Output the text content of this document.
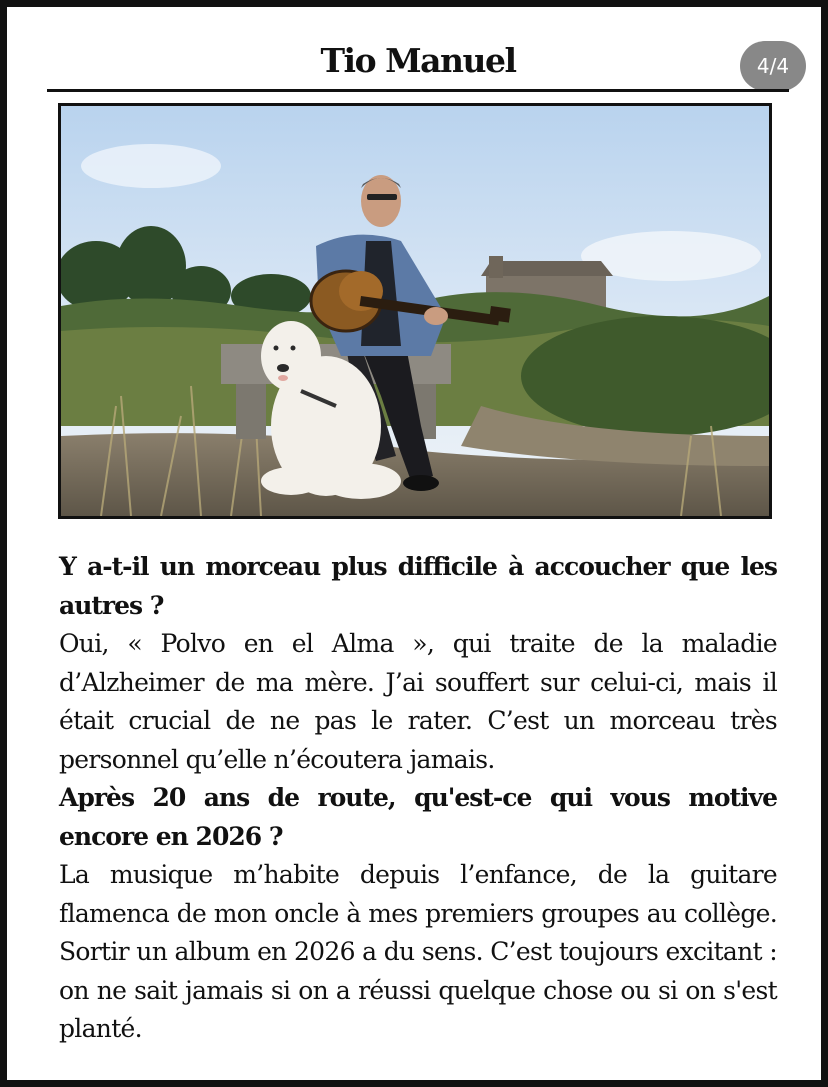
Tio Manuel	4/4

Y a-t-il un morceau plus difficile à accoucher que les autres ?

Oui, « Polvo en el Alma », qui traite de la maladie d’Alzheimer de ma mère. J’ai souffert sur celui-ci, mais il était crucial de ne pas le rater. C’est un morceau très personnel qu’elle n’écoutera jamais.

Après 20 ans de route, qu'est-ce qui vous motive encore en 2026 ?

La musique m’habite depuis l’enfance, de la guitare flamenca de mon oncle à mes premiers groupes au collège. Sortir un album en 2026 a du sens. C’est toujours excitant : on ne sait jamais si on a réussi quelque chose ou si on s'est planté.
